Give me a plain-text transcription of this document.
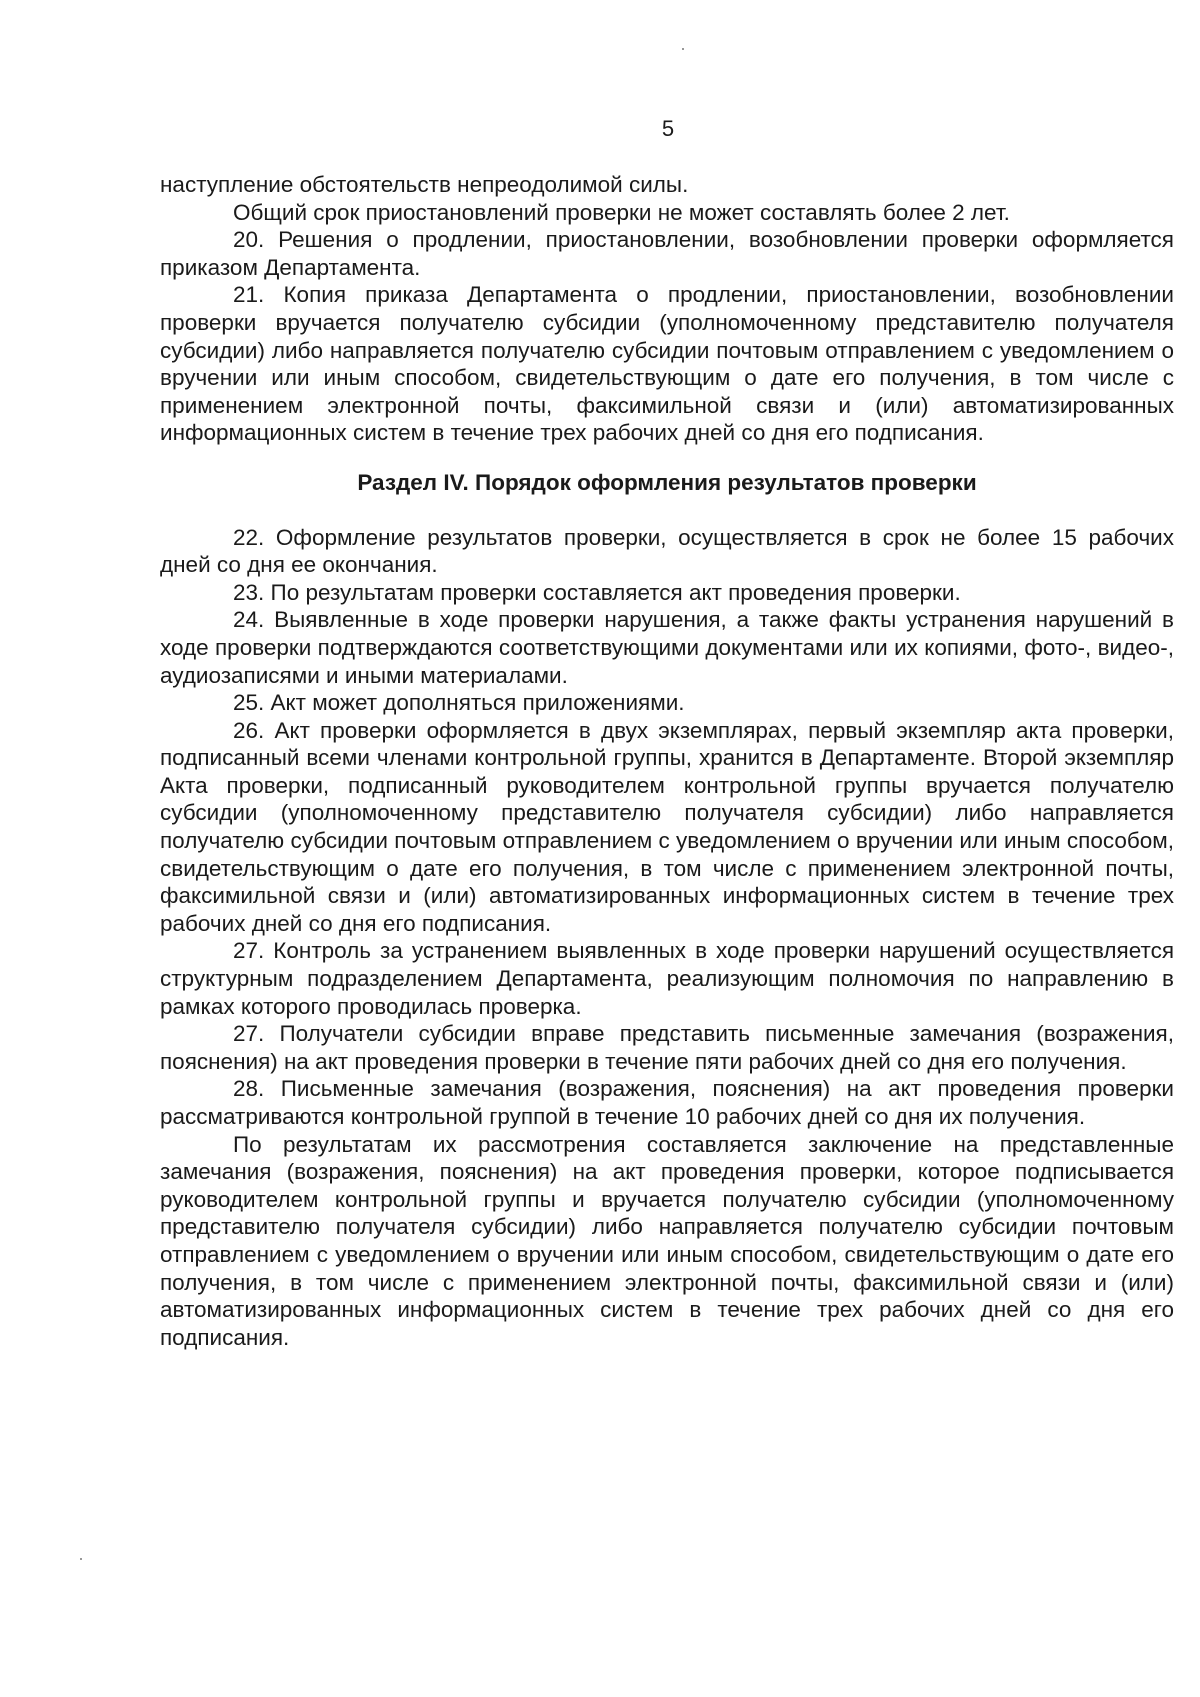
5

наступление обстоятельств непреодолимой силы.

Общий срок приостановлений проверки не может составлять более 2 лет.

20. Решения о продлении, приостановлении, возобновлении проверки оформляется приказом Департамента.

21. Копия приказа Департамента о продлении, приостановлении, возобновлении проверки вручается получателю субсидии (уполномоченному представителю получателя субсидии) либо направляется получателю субсидии почтовым отправлением с уведомлением о вручении или иным способом, свидетельствующим о дате его получения, в том числе с применением электронной почты, факсимильной связи и (или) автоматизированных информационных систем в течение трех рабочих дней со дня его подписания.

Раздел IV. Порядок оформления результатов проверки

22. Оформление результатов проверки, осуществляется в срок не более 15 рабочих дней со дня ее окончания.

23. По результатам проверки составляется акт проведения проверки.

24. Выявленные в ходе проверки нарушения, а также факты устранения нарушений в ходе проверки подтверждаются соответствующими документами или их копиями, фото-, видео-, аудиозаписями и иными материалами.

25. Акт может дополняться приложениями.

26. Акт проверки оформляется в двух экземплярах, первый экземпляр акта проверки, подписанный всеми членами контрольной группы, хранится в Департаменте. Второй экземпляр Акта проверки, подписанный руководителем контрольной группы вручается получателю субсидии (уполномоченному представителю получателя субсидии) либо направляется получателю субсидии почтовым отправлением с уведомлением о вручении или иным способом, свидетельствующим о дате его получения, в том числе с применением электронной почты, факсимильной связи и (или) автоматизированных информационных систем в течение трех рабочих дней со дня его подписания.

27. Контроль за устранением выявленных в ходе проверки нарушений осуществляется структурным подразделением Департамента, реализующим полномочия по направлению в рамках которого проводилась проверка.

27. Получатели субсидии вправе представить письменные замечания (возражения, пояснения) на акт проведения проверки в течение пяти рабочих дней со дня его получения.

28. Письменные замечания (возражения, пояснения) на акт проведения проверки рассматриваются контрольной группой в течение 10 рабочих дней со дня их получения.

По результатам их рассмотрения составляется заключение на представленные замечания (возражения, пояснения) на акт проведения проверки, которое подписывается руководителем контрольной группы и вручается получателю субсидии (уполномоченному представителю получателя субсидии) либо направляется получателю субсидии почтовым отправлением с уведомлением о вручении или иным способом, свидетельствующим о дате его получения, в том числе с применением электронной почты, факсимильной связи и (или) автоматизированных информационных систем в течение трех рабочих дней со дня его подписания.
